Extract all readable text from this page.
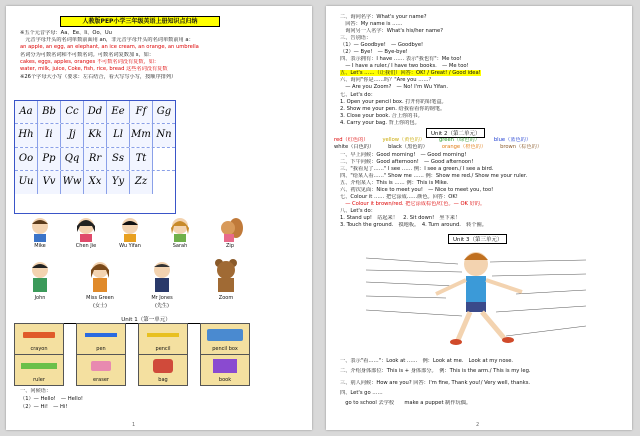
人教版PEP小学三年级英语上册知识点归纳
※五个元音字母：Aa、Ee、Ii、Oo、Uu
　元音字母开头的名词单数前面用 an，非元音字母开头的名词单数前用 a：
an apple, an egg, an elephant, an ice cream, an orange, an umbrella
名词分为可数名词和不可数名词。可数名词复数加 s，如：
cakes, eggs, apples, oranges 不可数名词没有复数，如：
water, milk, juice, Coke, fish, rice, bread 这些名词没有复数
※26个字母大小写（要求：左右结合，看大写写小写，按顺序排列）
Aa Bb Cc Dd Ee	Ff	Gg
Hh	Ii	Jj	Kk	Ll Mm Nn
Oo Pp Qq Rr	Ss	Tt
Uu Vv Ww Xx	Yy	Zz
Mike	Chen Jie	Wu Yifan	Sarah	Zip
John	Miss Green	Mr Jones	Zoom
(女士)	(先生)
Unit 1（第一单元）
crayon	pen	pencil	pencil box
ruler	eraser	bag	book
一、问候语：
（1）— Hello!　— Hello!
（2）— Hi!　— Hi!
1
二、询问名字：What's your name?
　回答：My name is ……
　询问另一人名字：What's his/her name?
三、告别语：
（1）— Goodbye!　— Goodbye!
（2）— Bye!　— Bye-bye!
四、表示拥有：I have …… 表示"我也有"：Me too!
　— I have a ruler./ I have two books.　— Me too!
五、Let's ……（让我们）回答：OK! / Great! / Good idea!
六、询问"你是……吗？"Are you ……？
　— Are you Zoom?　— No! I'm Wu Yifan.
七、Let's do：
1. Open your pencil box. 打开你的铅笔盒。
2. Show me your pen. 给我看看你的钢笔。
3. Close your book. 合上你的书。
4. Carry your bag. 背上你的包。
Unit 2（第二单元）
red（红色的）	yellow（黄色的）	green（绿色的）	blue（蓝色的）
white（白色的）	black（黑色的）	orange（橙色的）	brown（棕色的）
一、早上问候：Good morning!　— Good morning!
二、下午问候：Good afternoon!　— Good afternoon!
三、"我看见了……" I see …… 例：I see a green./ I see a bird.
四、"给某人看……" Show me …… 例：Show me red./ Show me your ruler.
五、介绍某人：This is …… 例：This is Mike.
六、初次见面：Nice to meet you!　— Nice to meet you, too!
七、Colour it …… 把它涂成……颜色。回答：OK!
　— Colour it brown/red. 把它涂成棕色/红色。— OK 好的。
八、Let's do：
1. Stand up!　站起来！　2. Sit down!　坐下来！
3. Touch the ground.　摸地板。　4. Turn around.　转个圈。
Unit 3（第三单元）
一、表示"看……"：Look at ……　例：Look at me.　Look at my nose.
二、介绍身体部位：This is + 身体部分。　例：This is the arm./ This is my leg.
三、别人问候：How are you? 回答：I'm fine, Thank you!/ Very well, thanks.
四、Let's go ……
　go to school 去学校　　make a puppet 制作玩偶。
2
